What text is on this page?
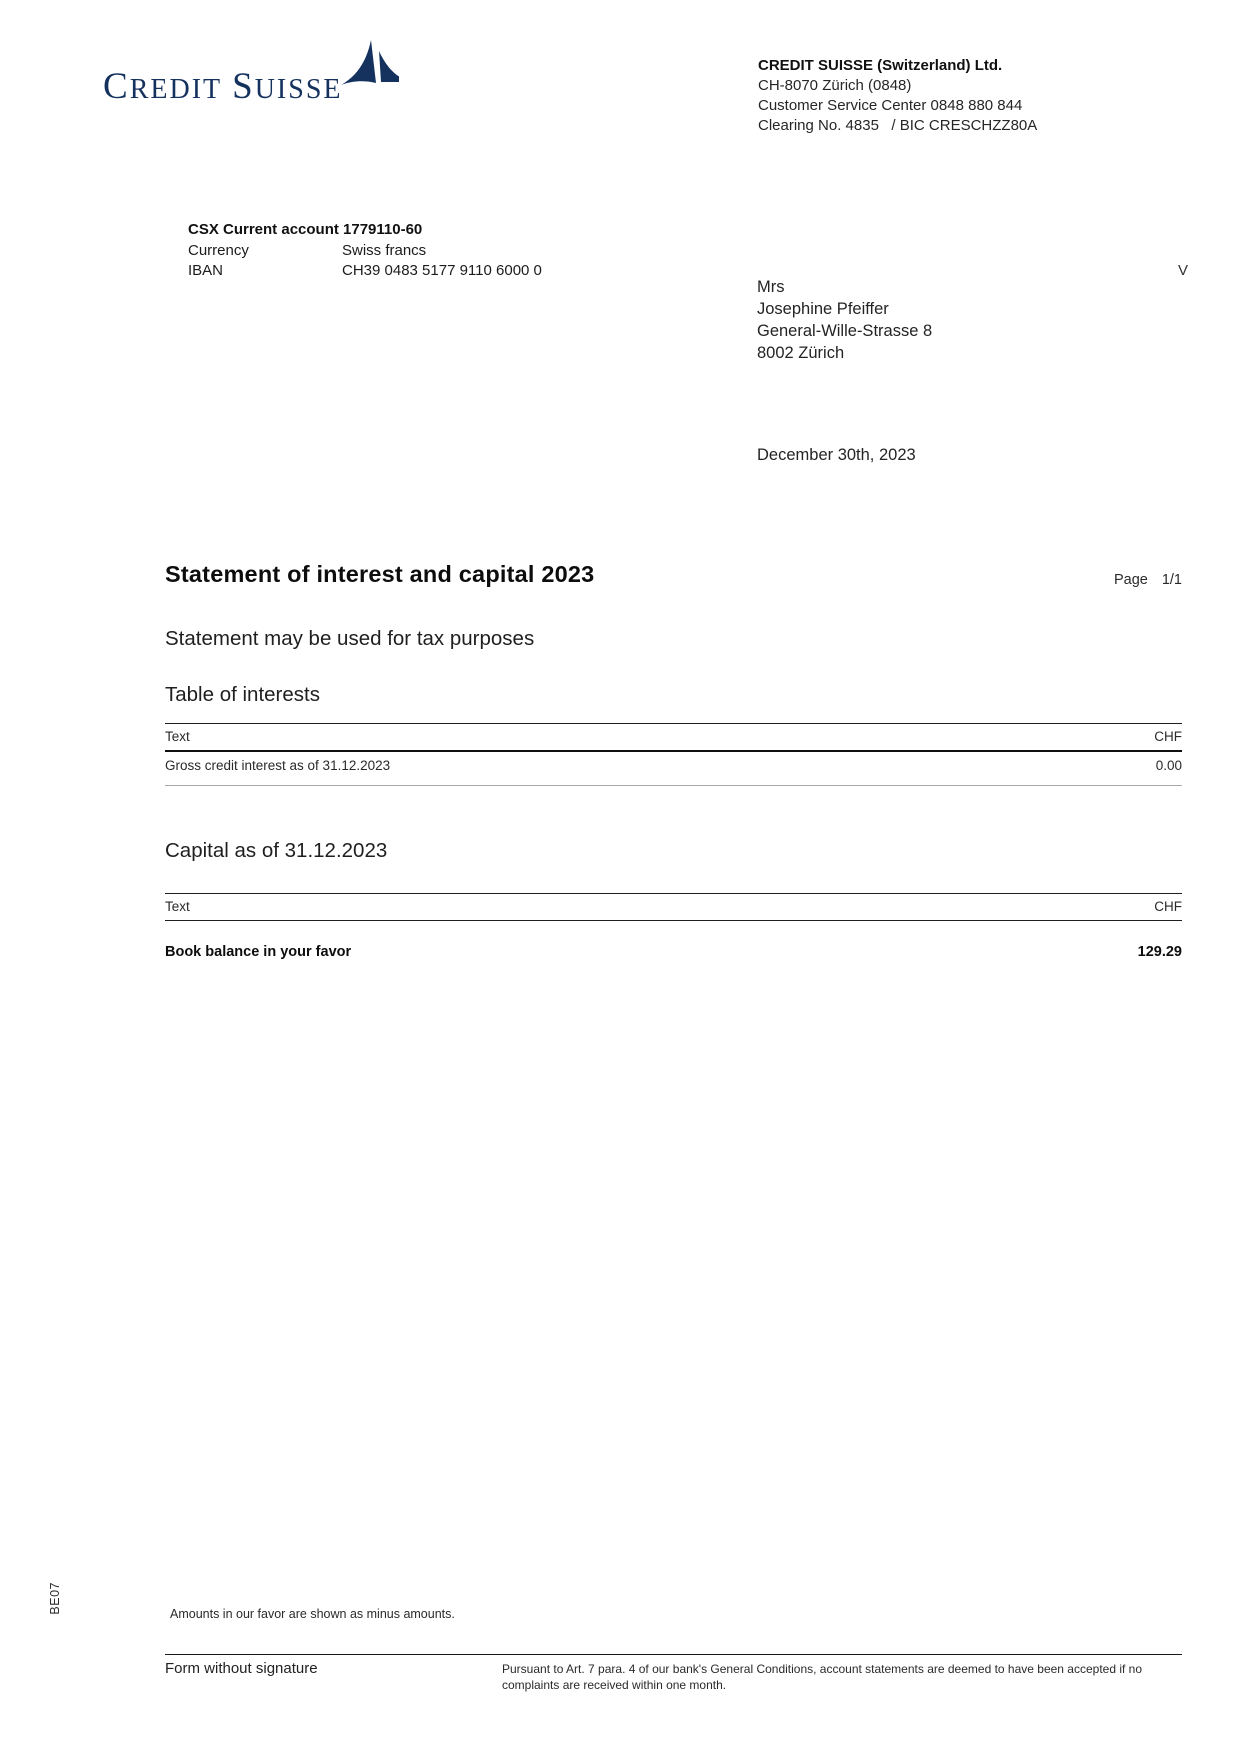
CREDIT SUISSE
CREDIT SUISSE (Switzerland) Ltd.
CH-8070 Zürich (0848)
Customer Service Center 0848 880 844
Clearing No. 4835   / BIC CRESCHZZ80A
CSX Current account 1779110-60
Currency	Swiss francs
IBAN	CH39 0483 5177 9110 6000 0	V
Mrs
Josephine Pfeiffer
General-Wille-Strasse 8
8002 Zürich
December 30th, 2023
Statement of interest and capital 2023	Page 1/1
Statement may be used for tax purposes
Table of interests
Text	CHF
Gross credit interest as of 31.12.2023	0.00
Capital as of 31.12.2023
Text	CHF
Book balance in your favor	129.29
BE07	Amounts in our favor are shown as minus amounts.
Form without signature	Pursuant to Art. 7 para. 4 of our bank's General Conditions, account statements are deemed to have been accepted if no complaints are received within one month.
